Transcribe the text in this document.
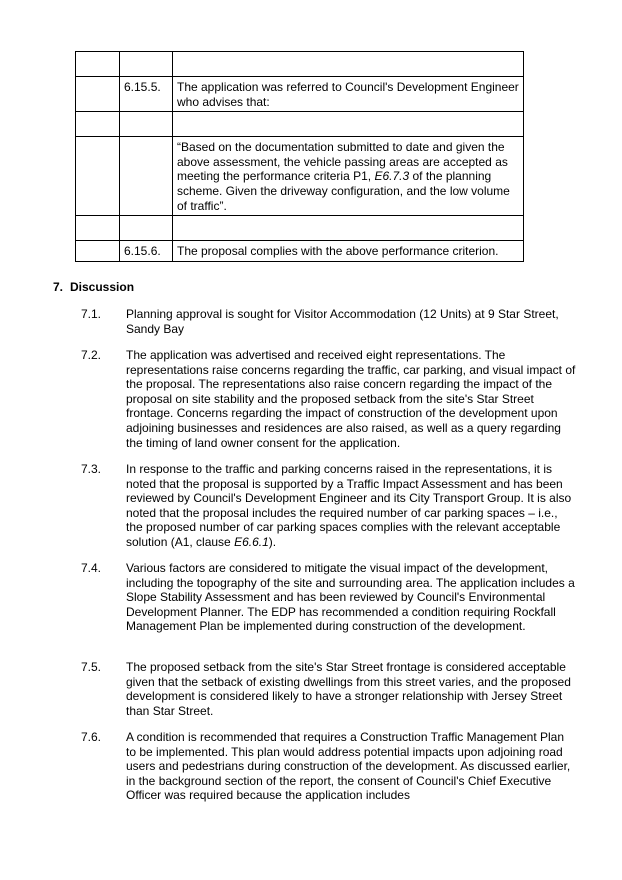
	6.15.5.	The application was referred to Council's Development Engineer who advises that:

		“Based on the documentation submitted to date and given the above assessment, the vehicle passing areas are accepted as meeting the performance criteria P1, E6.7.3 of the planning scheme. Given the driveway configuration, and the low volume of traffic”.

	6.15.6.	The proposal complies with the above performance criterion.
7. Discussion
7.1.	Planning approval is sought for Visitor Accommodation (12 Units) at 9 Star Street, Sandy Bay
7.2.	The application was advertised and received eight representations. The representations raise concerns regarding the traffic, car parking, and visual impact of the proposal. The representations also raise concern regarding the impact of the proposal on site stability and the proposed setback from the site's Star Street frontage. Concerns regarding the impact of construction of the development upon adjoining businesses and residences are also raised, as well as a query regarding the timing of land owner consent for the application.
7.3.	In response to the traffic and parking concerns raised in the representations, it is noted that the proposal is supported by a Traffic Impact Assessment and has been reviewed by Council's Development Engineer and its City Transport Group. It is also noted that the proposal includes the required number of car parking spaces – i.e., the proposed number of car parking spaces complies with the relevant acceptable solution (A1, clause E6.6.1).
7.4.	Various factors are considered to mitigate the visual impact of the development, including the topography of the site and surrounding area. The application includes a Slope Stability Assessment and has been reviewed by Council's Environmental Development Planner. The EDP has recommended a condition requiring Rockfall Management Plan be implemented during construction of the development.
7.5.	The proposed setback from the site's Star Street frontage is considered acceptable given that the setback of existing dwellings from this street varies, and the proposed development is considered likely to have a stronger relationship with Jersey Street than Star Street.
7.6.	A condition is recommended that requires a Construction Traffic Management Plan to be implemented. This plan would address potential impacts upon adjoining road users and pedestrians during construction of the development. As discussed earlier, in the background section of the report, the consent of Council's Chief Executive Officer was required because the application includes
